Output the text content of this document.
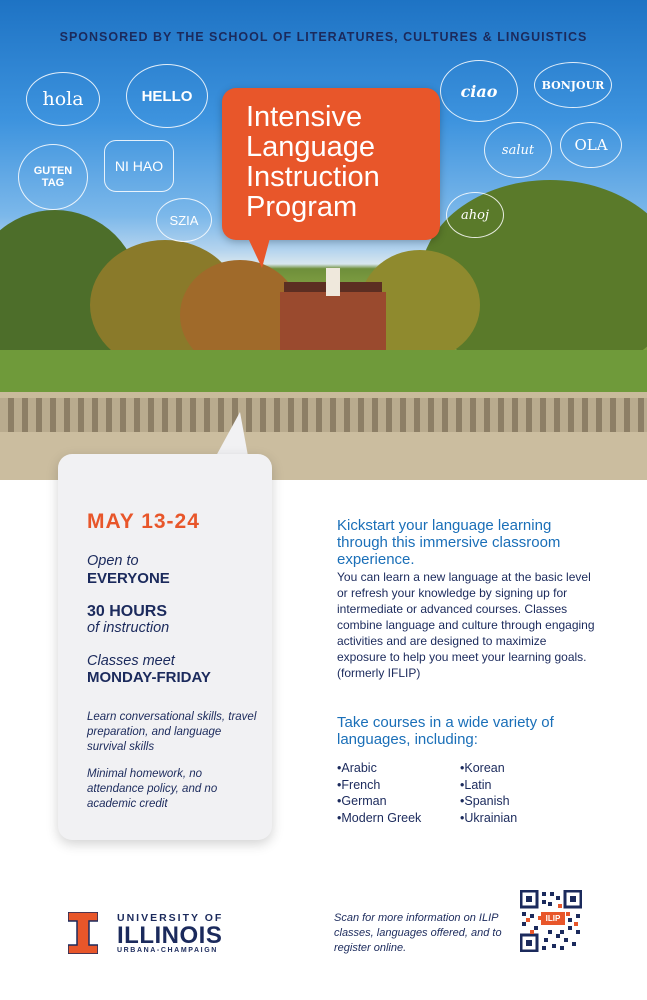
SPONSORED BY THE SCHOOL OF LITERATURES, CULTURES & LINGUISTICS
hola	HELLO
GUTEN TAG
NI HAO
SZIA
ciao	BONJOUR
salut	OLA
ahoj
Intensive Language Instruction Program
MAY 13-24
Open to
EVERYONE
30 HOURS
of instruction
Classes meet
MONDAY-FRIDAY
Learn conversational skills, travel preparation, and language survival skills
Minimal homework, no attendance policy, and no academic credit
Kickstart your language learning through this immersive classroom experience.
You can learn a new language at the basic level or refresh your knowledge by signing up for intermediate or advanced courses. Classes combine language and culture through engaging activities and are designed to maximize exposure to help you meet your learning goals. (formerly IFLIP)
Take courses in a wide variety of languages, including:
• Arabic
• French
• German
• Modern Greek
• Korean
• Latin
• Spanish
• Ukrainian
UNIVERSITY OF
ILLINOIS
URBANA-CHAMPAIGN
Scan for more information on ILIP classes, languages offered, and to register online.
ILIP
